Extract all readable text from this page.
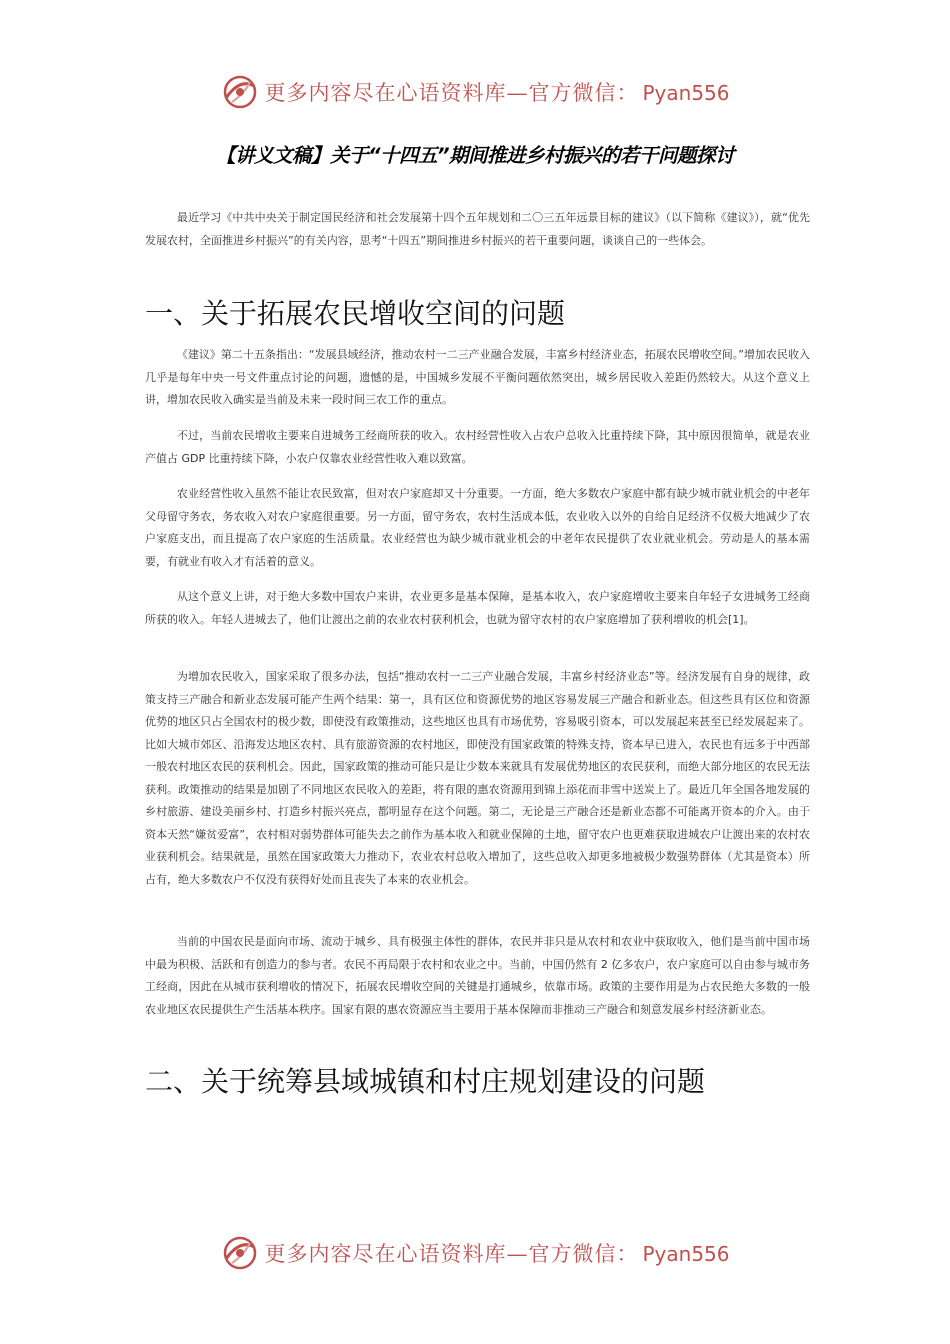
更多内容尽在心语资料库—官方微信： Pyan556
【讲义文稿】关于“十四五”期间推进乡村振兴的若干问题探讨

最近学习《中共中央关于制定国民经济和社会发展第十四个五年规划和二〇三五年远景目标的建议》（以下简称《建议》），就“优先发展农村，全面推进乡村振兴”的有关内容，思考“十四五”期间推进乡村振兴的若干重要问题，谈谈自己的一些体会。

一、关于拓展农民增收空间的问题

《建议》第二十五条指出：“发展县域经济，推动农村一二三产业融合发展，丰富乡村经济业态，拓展农民增收空间。”增加农民收入几乎是每年中央一号文件重点讨论的问题，遗憾的是，中国城乡发展不平衡问题依然突出，城乡居民收入差距仍然较大。从这个意义上讲，增加农民收入确实是当前及未来一段时间三农工作的重点。

不过，当前农民增收主要来自进城务工经商所获的收入。农村经营性收入占农户总收入比重持续下降，其中原因很简单，就是农业产值占 GDP 比重持续下降，小农户仅靠农业经营性收入难以致富。

农业经营性收入虽然不能让农民致富，但对农户家庭却又十分重要。一方面，绝大多数农户家庭中都有缺少城市就业机会的中老年父母留守务农，务农收入对农户家庭很重要。另一方面，留守务农，农村生活成本低，农业收入以外的自给自足经济不仅极大地减少了农户家庭支出，而且提高了农户家庭的生活质量。农业经营也为缺少城市就业机会的中老年农民提供了农业就业机会。劳动是人的基本需要，有就业有收入才有活着的意义。

从这个意义上讲，对于绝大多数中国农户来讲，农业更多是基本保障，是基本收入，农户家庭增收主要来自年轻子女进城务工经商所获的收入。年轻人进城去了，他们让渡出之前的农业农村获利机会，也就为留守农村的农户家庭增加了获利增收的机会[1]。

为增加农民收入，国家采取了很多办法，包括“推动农村一二三产业融合发展，丰富乡村经济业态”等。经济发展有自身的规律，政策支持三产融合和新业态发展可能产生两个结果：第一，具有区位和资源优势的地区容易发展三产融合和新业态。但这些具有区位和资源优势的地区只占全国农村的极少数，即使没有政策推动，这些地区也具有市场优势，容易吸引资本，可以发展起来甚至已经发展起来了。比如大城市郊区、沿海发达地区农村、具有旅游资源的农村地区，即使没有国家政策的特殊支持，资本早已进入，农民也有远多于中西部一般农村地区农民的获利机会。因此，国家政策的推动可能只是让少数本来就具有发展优势地区的农民获利，而绝大部分地区的农民无法获利。政策推动的结果是加剧了不同地区农民收入的差距，将有限的惠农资源用到锦上添花而非雪中送炭上了。最近几年全国各地发展的乡村旅游、建设美丽乡村、打造乡村振兴亮点，都明显存在这个问题。第二，无论是三产融合还是新业态都不可能离开资本的介入。由于资本天然“嫌贫爱富”，农村相对弱势群体可能失去之前作为基本收入和就业保障的土地，留守农户也更难获取进城农户让渡出来的农村农业获利机会。结果就是，虽然在国家政策大力推动下，农业农村总收入增加了，这些总收入却更多地被极少数强势群体（尤其是资本）所占有，绝大多数农户不仅没有获得好处而且丧失了本来的农业机会。

当前的中国农民是面向市场、流动于城乡、具有极强主体性的群体，农民并非只是从农村和农业中获取收入，他们是当前中国市场中最为积极、活跃和有创造力的参与者。农民不再局限于农村和农业之中。当前，中国仍然有 2 亿多农户，农户家庭可以自由参与城市务工经商，因此在从城市获利增收的情况下，拓展农民增收空间的关键是打通城乡，依靠市场。政策的主要作用是为占农民绝大多数的一般农业地区农民提供生产生活基本秩序。国家有限的惠农资源应当主要用于基本保障而非推动三产融合和刻意发展乡村经济新业态。

二、关于统筹县域城镇和村庄规划建设的问题
更多内容尽在心语资料库—官方微信： Pyan556
